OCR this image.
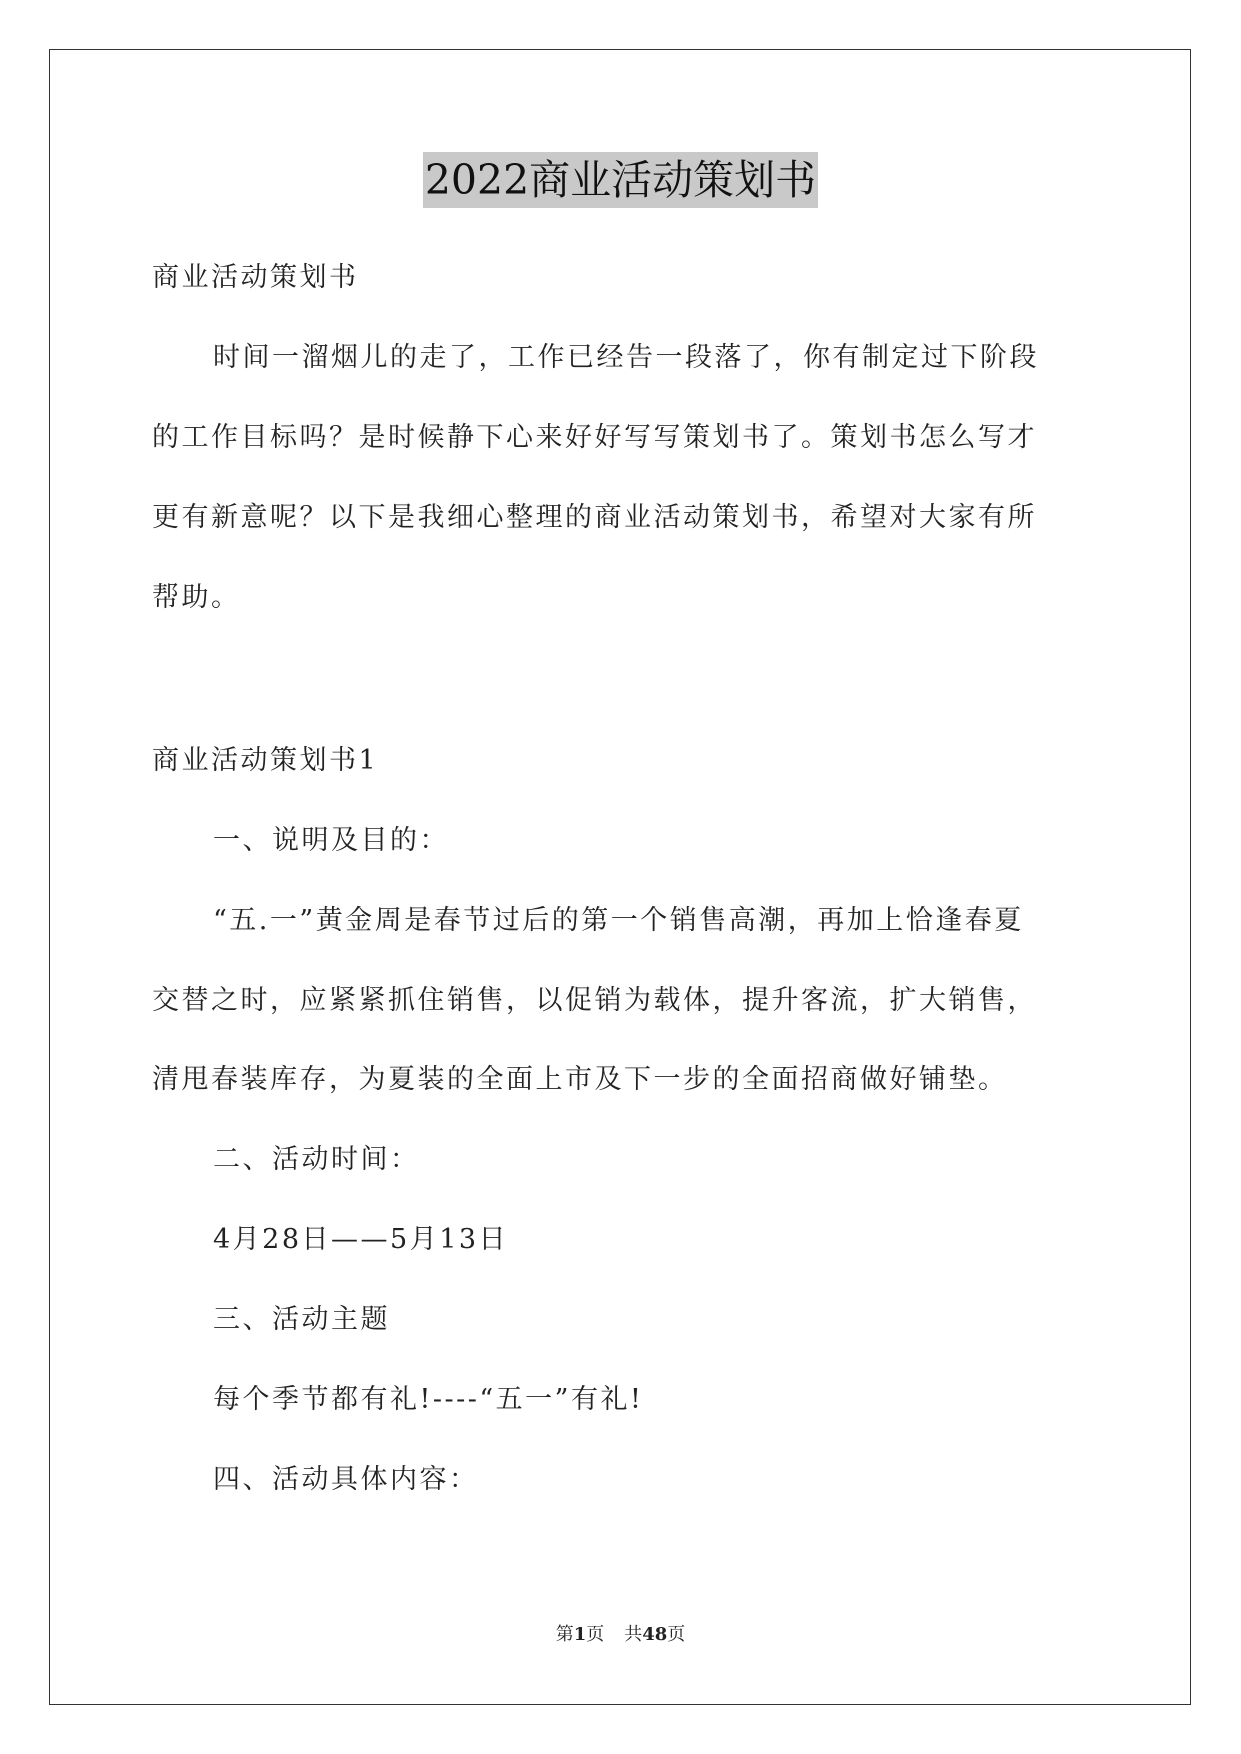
2022商业活动策划书
商业活动策划书
时间一溜烟儿的走了，工作已经告一段落了，你有制定过下阶段
的工作目标吗？是时候静下心来好好写写策划书了。策划书怎么写才
更有新意呢？以下是我细心整理的商业活动策划书，希望对大家有所
帮助。
商业活动策划书1
一、说明及目的：
“五.一”黄金周是春节过后的第一个销售高潮，再加上恰逢春夏
交替之时，应紧紧抓住销售，以促销为载体，提升客流，扩大销售，
清甩春装库存，为夏装的全面上市及下一步的全面招商做好铺垫。
二、活动时间：
4月28日——5月13日
三、活动主题
每个季节都有礼!----“五一”有礼!
四、活动具体内容：
第1页 共48页
